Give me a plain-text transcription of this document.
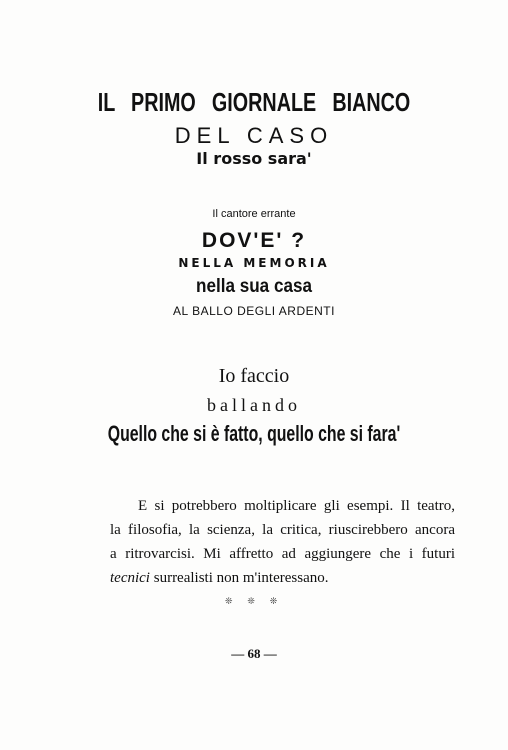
IL PRIMO GIORNALE BIANCO
DEL CASO
Il rosso sara'
Il cantore errante
DOV'E' ?
NELLA MEMORIA
nella sua casa
AL BALLO DEGLI ARDENTI
Io faccio
ballando
Quello che si è fatto, quello che si fara'
E si potrebbero moltiplicare gli esempi. Il teatro,
la filosofia, la scienza, la critica, riuscirebbero ancora
a ritrovarcisi. Mi affretto ad aggiungere che i futuri
tecnici surrealisti non m'interessano.
❊ ❊ ❊
— 68 —
